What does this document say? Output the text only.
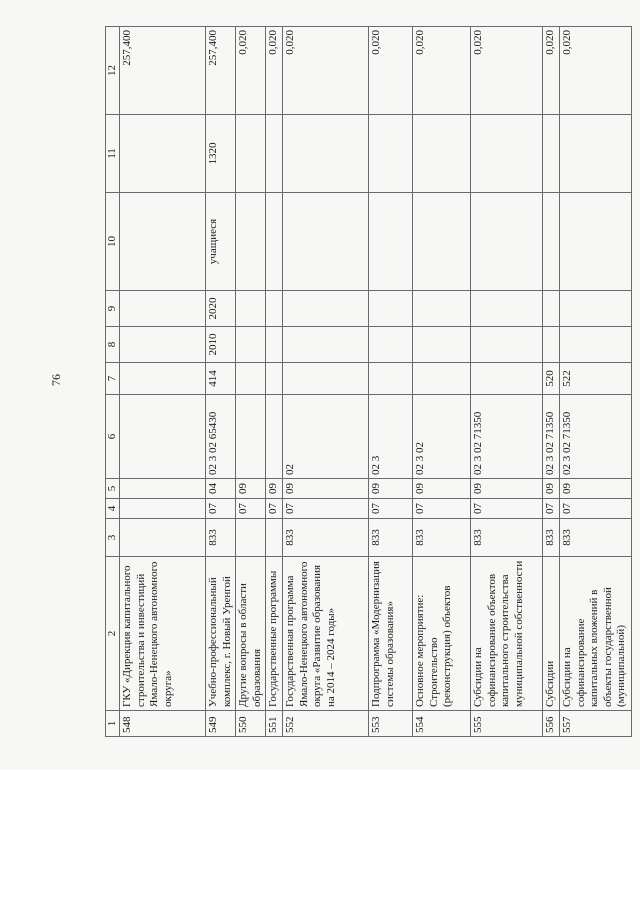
76
1	2	3	4	5	6	7	8	9	10	11	12
548	ГКУ «Дирекция капитального строительства и инвестиций Ямало-Ненецкого автономного округа»										257,400
549	Учебно-профессиональный комплекс, г. Новый Уренгой	833	07	04	02 3 02 65430	414	2010	2020	учащиеся	1320	257,400
550	Другие вопросы в области образования		07	09							0,020
551	Государственные программы		07	09							0,020
552	Государственная программа Ямало-Ненецкого автономного округа «Развитие образования на 2014 – 2024 годы»	833	07	09	02						0,020
553	Подпрограмма «Модернизация системы образования»	833	07	09	02 3						0,020
554	Основное мероприятие: Строительство (реконструкция) объектов	833	07	09	02 3 02						0,020
555	Субсидии на софинансирование объектов капитального строительства муниципальной собственности	833	07	09	02 3 02 71350						0,020
556	Субсидии	833	07	09	02 3 02 71350	520					0,020
557	Субсидии на софинансирование капитальных вложений в объекты государственной (муниципальной)	833	07	09	02 3 02 71350	522					0,020
